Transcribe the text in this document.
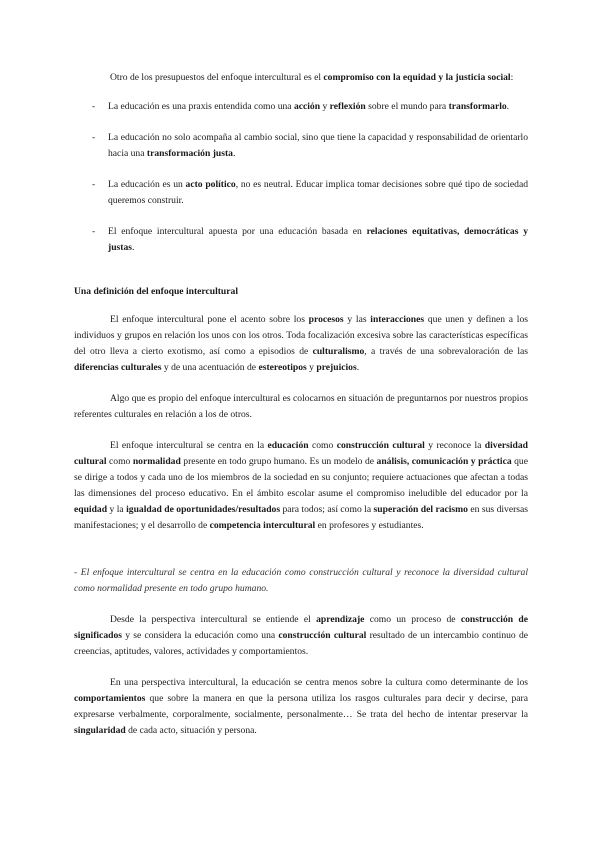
Otro de los presupuestos del enfoque intercultural es el compromiso con la equidad y la justicia social:

- La educación es una praxis entendida como una acción y reflexión sobre el mundo para transformarlo.
- La educación no solo acompaña al cambio social, sino que tiene la capacidad y responsabilidad de orientarlo hacia una transformación justa.
- La educación es un acto político, no es neutral. Educar implica tomar decisiones sobre qué tipo de sociedad queremos construir.
- El enfoque intercultural apuesta por una educación basada en relaciones equitativas, democráticas y justas.

Una definición del enfoque intercultural

El enfoque intercultural pone el acento sobre los procesos y las interacciones que unen y definen a los individuos y grupos en relación los unos con los otros. Toda focalización excesiva sobre las características específicas del otro lleva a cierto exotismo, así como a episodios de culturalismo, a través de una sobrevaloración de las diferencias culturales y de una acentuación de estereotipos y prejuicios.

Algo que es propio del enfoque intercultural es colocarnos en situación de preguntarnos por nuestros propios referentes culturales en relación a los de otros.

El enfoque intercultural se centra en la educación como construcción cultural y reconoce la diversidad cultural como normalidad presente en todo grupo humano. Es un modelo de análisis, comunicación y práctica que se dirige a todos y cada uno de los miembros de la sociedad en su conjunto; requiere actuaciones que afectan a todas las dimensiones del proceso educativo. En el ámbito escolar asume el compromiso ineludible del educador por la equidad y la igualdad de oportunidades/resultados para todos; así como la superación del racismo en sus diversas manifestaciones; y el desarrollo de competencia intercultural en profesores y estudiantes.

- El enfoque intercultural se centra en la educación como construcción cultural y reconoce la diversidad cultural como normalidad presente en todo grupo humano.

Desde la perspectiva intercultural se entiende el aprendizaje como un proceso de construcción de significados y se considera la educación como una construcción cultural resultado de un intercambio continuo de creencias, aptitudes, valores, actividades y comportamientos.

En una perspectiva intercultural, la educación se centra menos sobre la cultura como determinante de los comportamientos que sobre la manera en que la persona utiliza los rasgos culturales para decir y decirse, para expresarse verbalmente, corporalmente, socialmente, personalmente… Se trata del hecho de intentar preservar la singularidad de cada acto, situación y persona.
